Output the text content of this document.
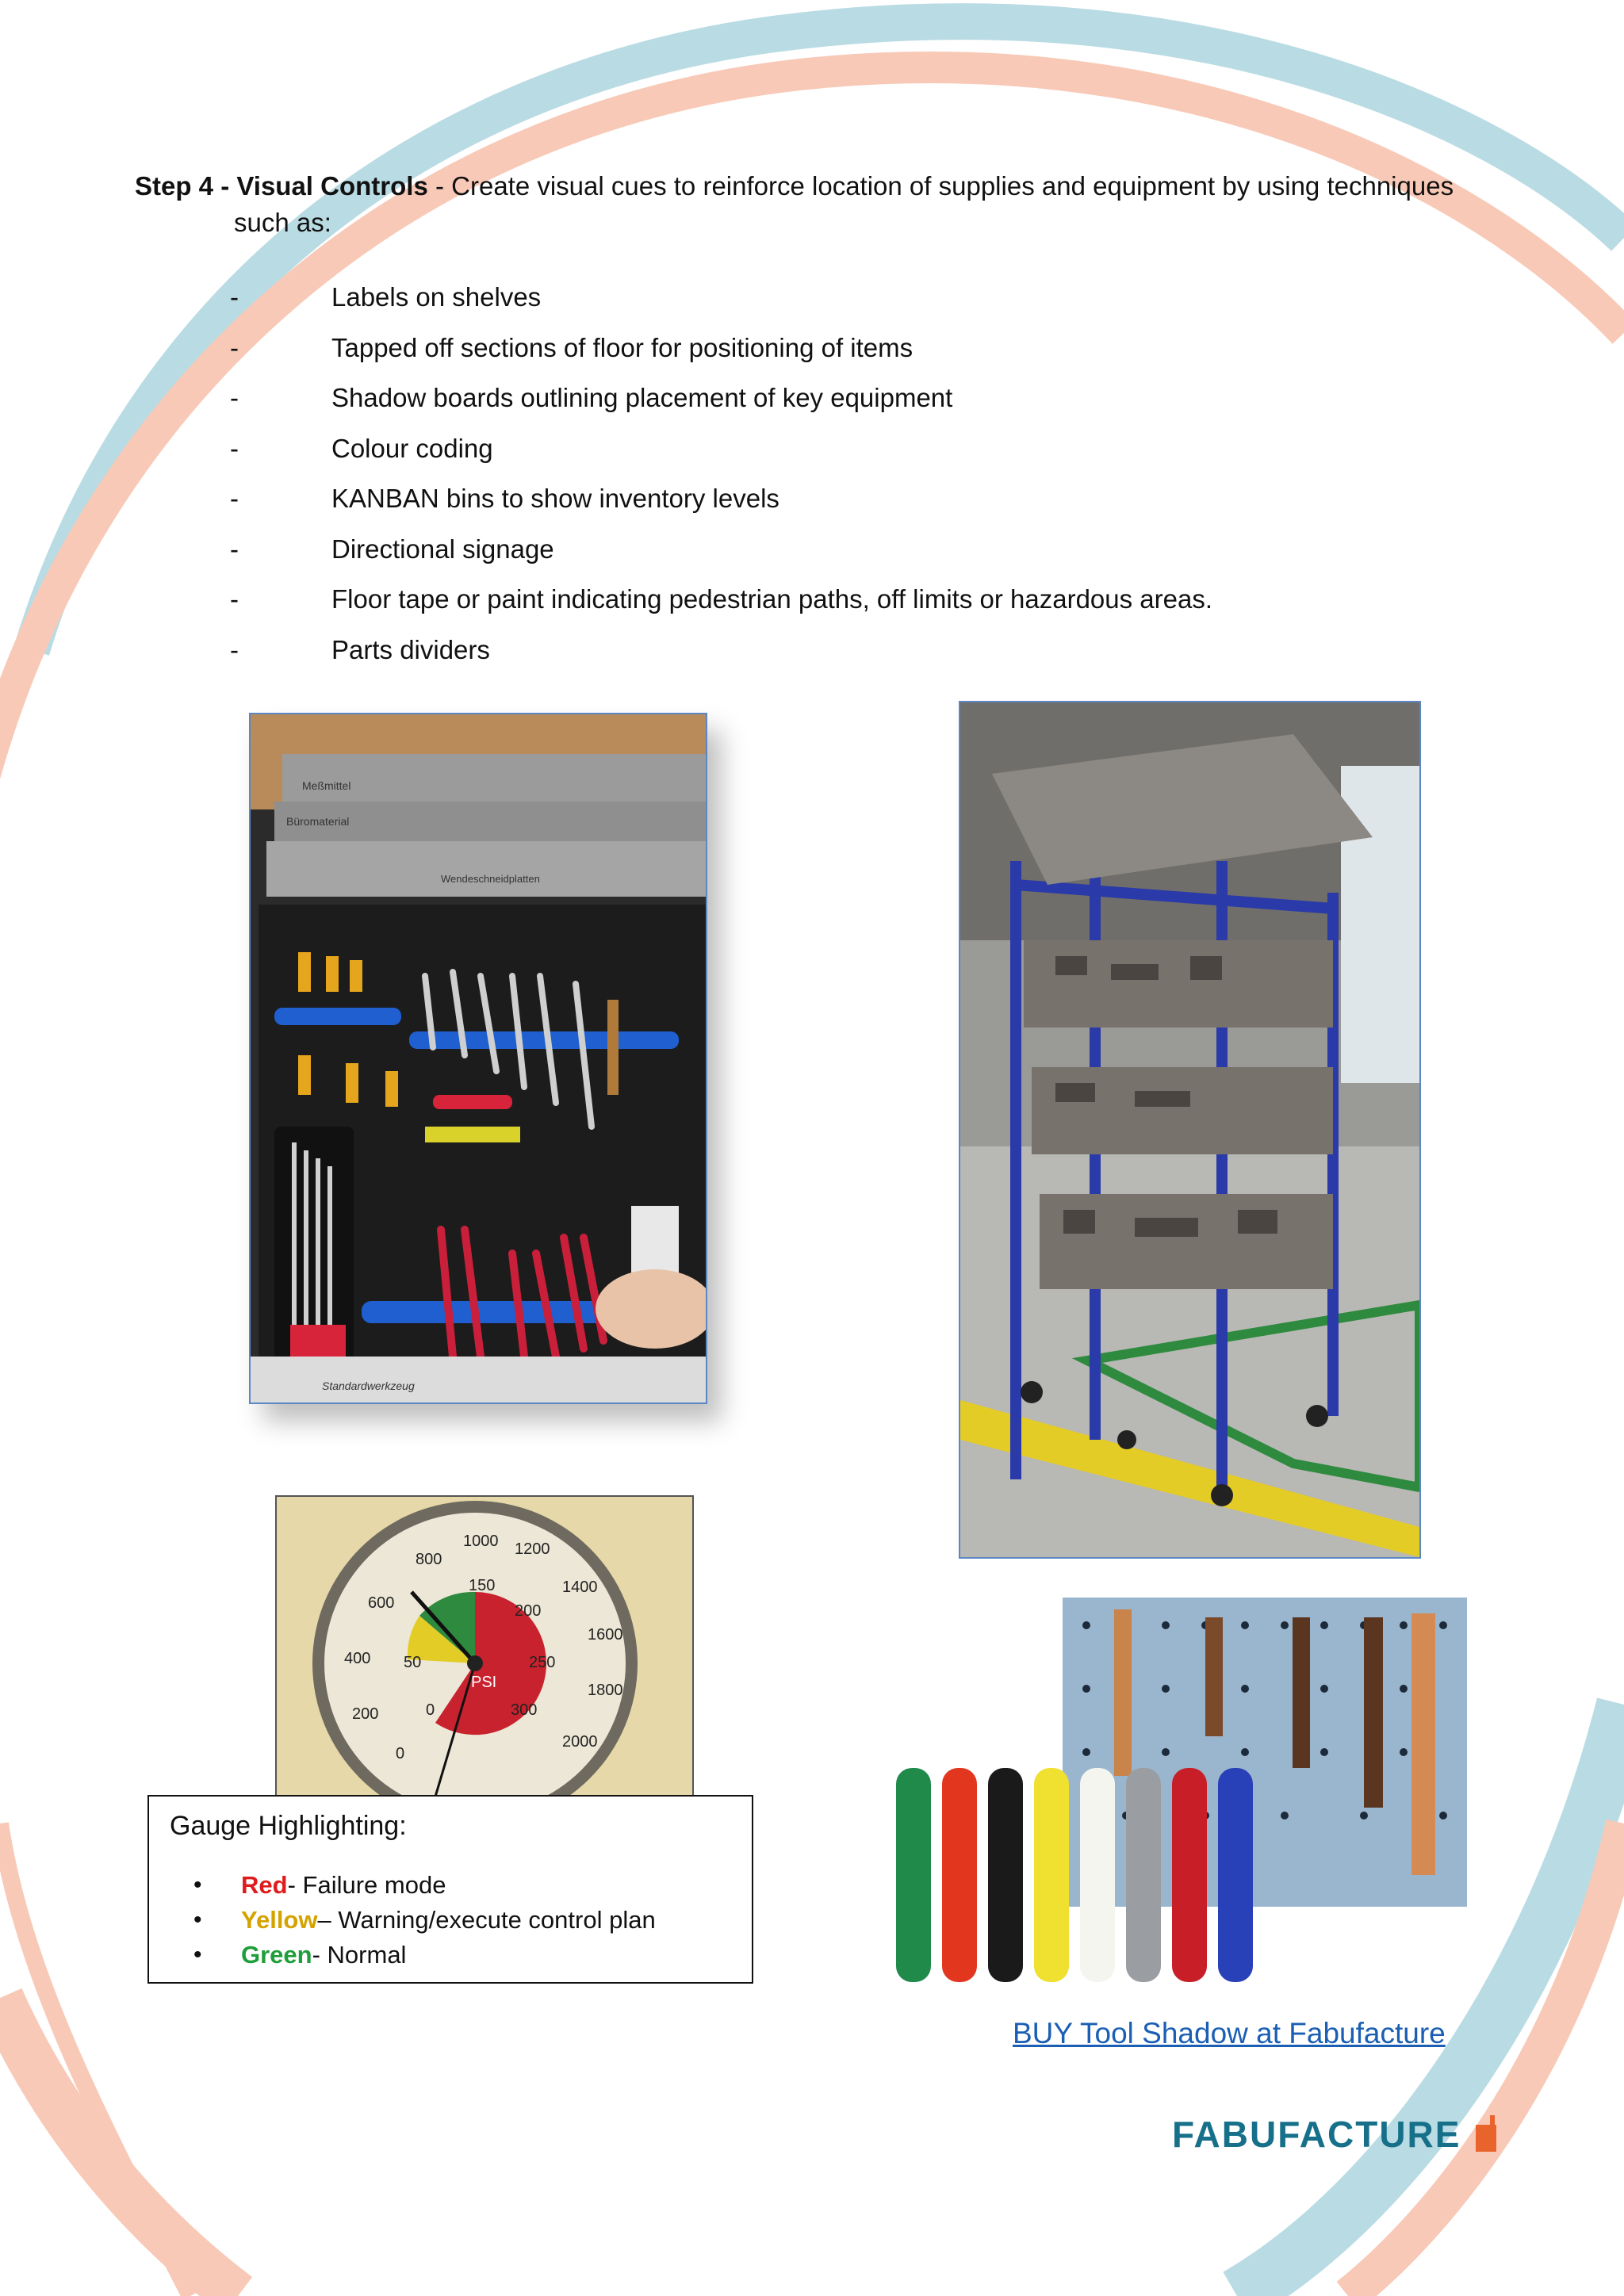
Step 4 - Visual Controls - Create visual cues to reinforce location of supplies and equipment by using techniques
such as:
-	Labels on shelves
-	Tapped off sections of floor for positioning of items
-	Shadow boards outlining placement of key equipment
-	Colour coding
-	KANBAN bins to show inventory levels
-	Directional signage
-	Floor tape or paint indicating pedestrian paths, off limits or hazardous areas.
-	Parts dividers
Meßmittel
Büromaterial
Wendeschneidplatten
Standardwerkzeug
800
1000 1200
1400
1600
1800
2000
600
400
200
0
50
150
200
250
300
0
PSI
Gauge Highlighting:
•	Red - Failure mode
•	Yellow – Warning/execute control plan
•	Green - Normal
BUY Tool Shadow at Fabufacture
FABUFACTURE
